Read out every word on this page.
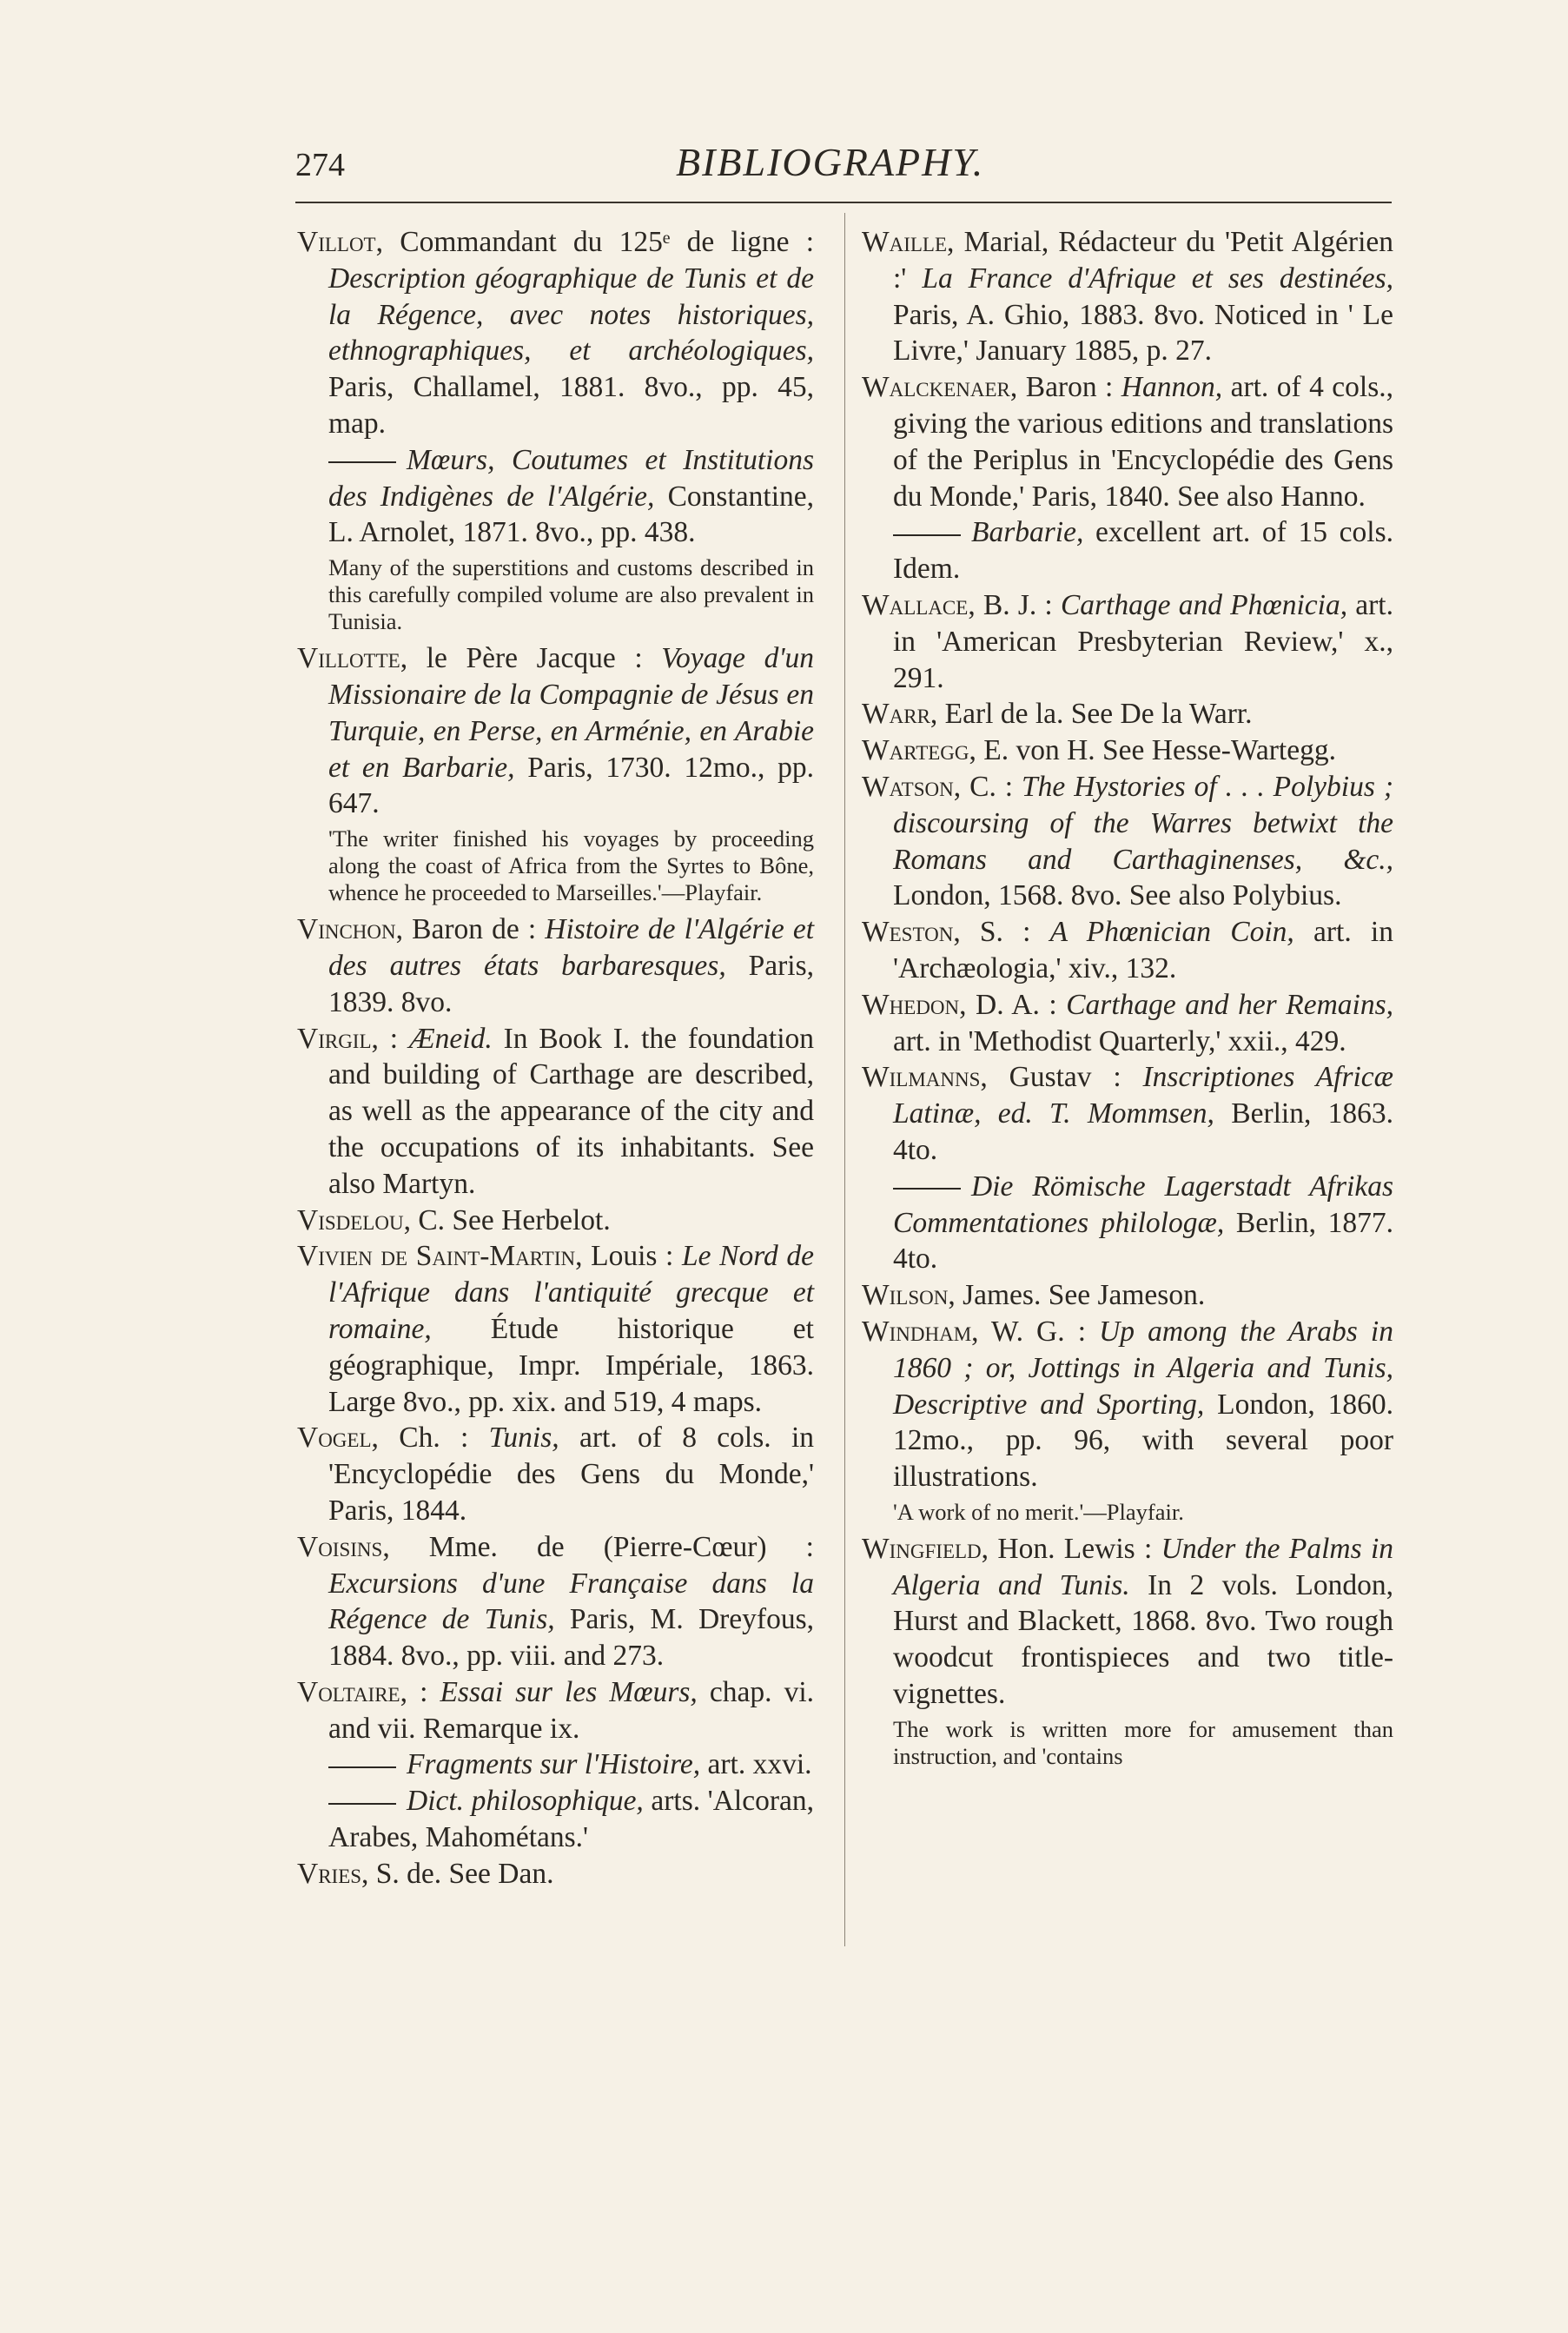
274	BIBLIOGRAPHY.

Villot, Commandant du 125ᵉ de ligne : Description géographique de Tunis et de la Régence, avec notes historiques, ethnographiques, et archéologiques, Paris, Challamel, 1881. 8vo., pp. 45, map.

Mœurs, Coutumes et Institutions des Indigènes de l'Algérie, Constantine, L. Arnolet, 1871. 8vo., pp. 438.

Many of the superstitions and customs described in this carefully compiled volume are also prevalent in Tunisia.

Villotte, le Père Jacque : Voyage d'un Missionaire de la Compagnie de Jésus en Turquie, en Perse, en Arménie, en Arabie et en Barbarie, Paris, 1730. 12mo., pp. 647.

'The writer finished his voyages by proceeding along the coast of Africa from the Syrtes to Bône, whence he proceeded to Marseilles.'—Playfair.

Vinchon, Baron de : Histoire de l'Algérie et des autres états barbaresques, Paris, 1839. 8vo.

Virgil, : Æneid. In Book I. the foundation and building of Carthage are described, as well as the appearance of the city and the occupations of its inhabitants. See also Martyn.

Visdelou, C. See Herbelot.

Vivien de Saint-Martin, Louis : Le Nord de l'Afrique dans l'antiquité grecque et romaine, Étude historique et géographique, Impr. Impériale, 1863. Large 8vo., pp. xix. and 519, 4 maps.

Vogel, Ch. : Tunis, art. of 8 cols. in 'Encyclopédie des Gens du Monde,' Paris, 1844.

Voisins, Mme. de (Pierre-Cœur) : Excursions d'une Française dans la Régence de Tunis, Paris, M. Dreyfous, 1884. 8vo., pp. viii. and 273.

Voltaire, : Essai sur les Mœurs, chap. vi. and vii. Remarque ix.

Fragments sur l'Histoire, art. xxvi.

Dict. philosophique, arts. 'Alcoran, Arabes, Mahométans.'

Vries, S. de. See Dan.

Waille, Marial, Rédacteur du 'Petit Algérien :' La France d'Afrique et ses destinées, Paris, A. Ghio, 1883. 8vo. Noticed in ' Le Livre,' January 1885, p. 27.

Walckenaer, Baron : Hannon, art. of 4 cols., giving the various editions and translations of the Periplus in 'Encyclopédie des Gens du Monde,' Paris, 1840. See also Hanno.

Barbarie, excellent art. of 15 cols. Idem.

Wallace, B. J. : Carthage and Phœnicia, art. in 'American Presbyterian Review,' x., 291.

Warr, Earl de la. See De la Warr.

Wartegg, E. von H. See Hesse-Wartegg.

Watson, C. : The Hystories of . . . Polybius ; discoursing of the Warres betwixt the Romans and Carthaginenses, &c., London, 1568. 8vo. See also Polybius.

Weston, S. : A Phœnician Coin, art. in 'Archæologia,' xiv., 132.

Whedon, D. A. : Carthage and her Remains, art. in 'Methodist Quarterly,' xxii., 429.

Wilmanns, Gustav : Inscriptiones Africæ Latinæ, ed. T. Mommsen, Berlin, 1863. 4to.

Die Römische Lagerstadt Afrikas Commentationes philologæ, Berlin, 1877. 4to.

Wilson, James. See Jameson.

Windham, W. G. : Up among the Arabs in 1860 ; or, Jottings in Algeria and Tunis, Descriptive and Sporting, London, 1860. 12mo., pp. 96, with several poor illustrations.

'A work of no merit.'—Playfair.

Wingfield, Hon. Lewis : Under the Palms in Algeria and Tunis. In 2 vols. London, Hurst and Blackett, 1868. 8vo. Two rough woodcut frontispieces and two title-vignettes.

The work is written more for amusement than instruction, and 'contains
